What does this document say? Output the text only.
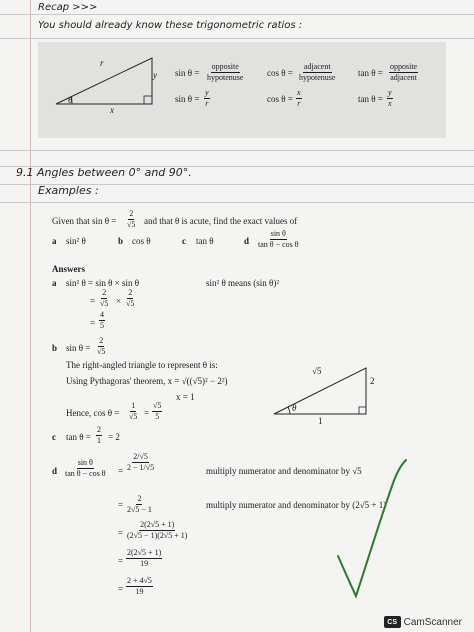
Recap >>>
You should already know these trigonometric ratios :
r
y
x
θ
sin θ =
opposite
hypotenuse	cos θ =
adjacent
hypotenuse	tan θ =
opposite
adjacent
$\sin \theta = \frac{y}{r}$	$\cos \theta = \frac{x}{r}$	$\tan \theta = \frac{y}{x}$
9.1 Angles between 0° and 90°.
Examples :
Given that $\sin \theta = \frac{2}{√5}$ and that θ is acute, find the exact values of
a sin² θ	b cos θ	c tan θ	d $\frac{\text{sin θ}}{\text{tan θ − cos θ}}$
Answers
a sin² θ = sin θ × sin θ	sin² θ means (sin θ)²
= $\frac{2}{√5} \times \frac{2}{√5}$
= $\frac{4}{5}$
b $\sin \theta = \frac{2}{√5}$
The right-angled triangle to represent θ is:
Using Pythagoras' theorem, x = √((√5)² − 2²)
x = 1
Hence, $\cos \theta = \frac{1}{√5} = \frac{√5}{5}$
√5
2
1
θ
c $\tan \theta = \frac{2}{1} = 2$
d $\frac{\text{sin θ}}{\text{tan θ − cos θ}} = \frac{2/√5}{2 - 1/√5}$	multiply numerator and denominator by √5
= $\frac{2}{2√5 - 1}$	multiply numerator and denominator by (2√5 + 1)
= $\frac{2(2√5 + 1)}{(2√5 - 1)(2√5 + 1)}$
= $\frac{2(2√5 + 1)}{19}$
= $\frac{2 + 4√5}{19}$
CS CamScanner
